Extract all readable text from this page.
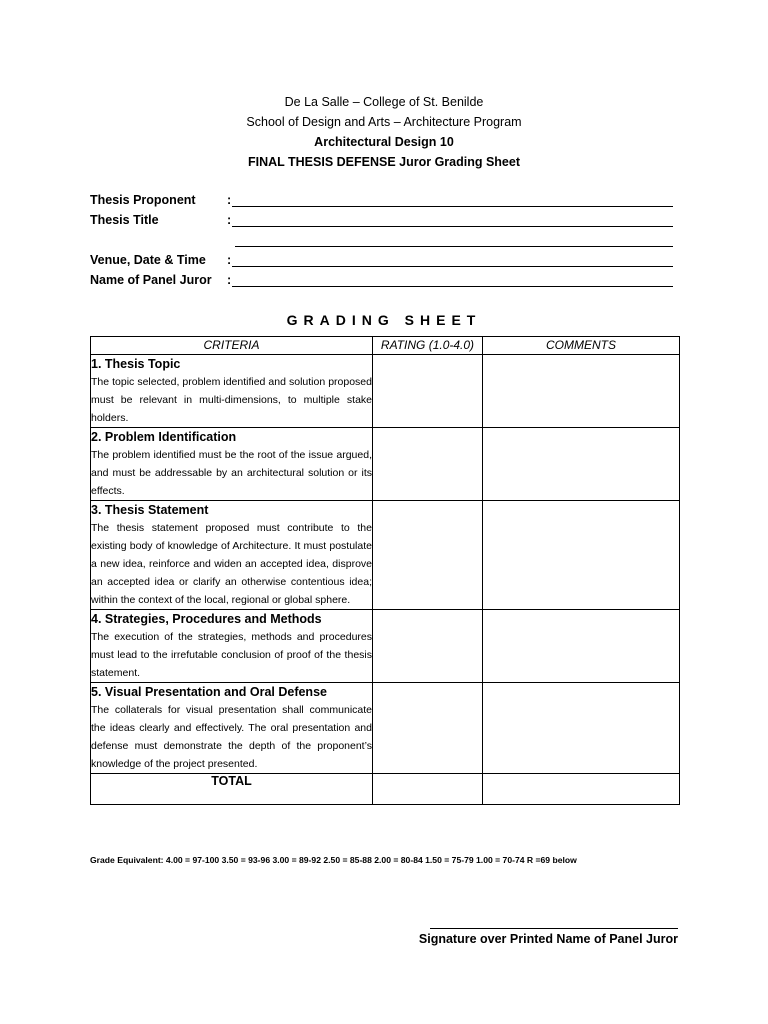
De La Salle – College of St. Benilde
School of Design and Arts – Architecture Program
Architectural Design 10
FINAL THESIS DEFENSE Juror Grading Sheet
Thesis Proponent	:
Thesis Title	:
Venue, Date & Time :
Name of Panel Juror :
GRADING SHEET
CRITERIA	RATING (1.0-4.0)	COMMENTS

1. Thesis Topic
The topic selected, problem identified and solution proposed must be relevant in multi-dimensions, to multiple stake holders.		

2. Problem Identification
The problem identified must be the root of the issue argued, and must be addressable by an architectural solution or its effects.		

3. Thesis Statement
The thesis statement proposed must contribute to the existing body of knowledge of Architecture. It must postulate a new idea, reinforce and widen an accepted idea, disprove an accepted idea or clarify an otherwise contentious idea; within the context of the local, regional or global sphere.		

4. Strategies, Procedures and Methods
The execution of the strategies, methods and procedures must lead to the irrefutable conclusion of proof of the thesis statement.		

5. Visual Presentation and Oral Defense
The collaterals for visual presentation shall communicate the ideas clearly and effectively. The oral presentation and defense must demonstrate the depth of the proponent’s knowledge of the project presented.		

TOTAL		
Grade Equivalent: 4.00 = 97-100 3.50 = 93-96 3.00 = 89-92 2.50 = 85-88 2.00 = 80-84 1.50 = 75-79 1.00 = 70-74 R =69 below
Signature over Printed Name of Panel Juror
